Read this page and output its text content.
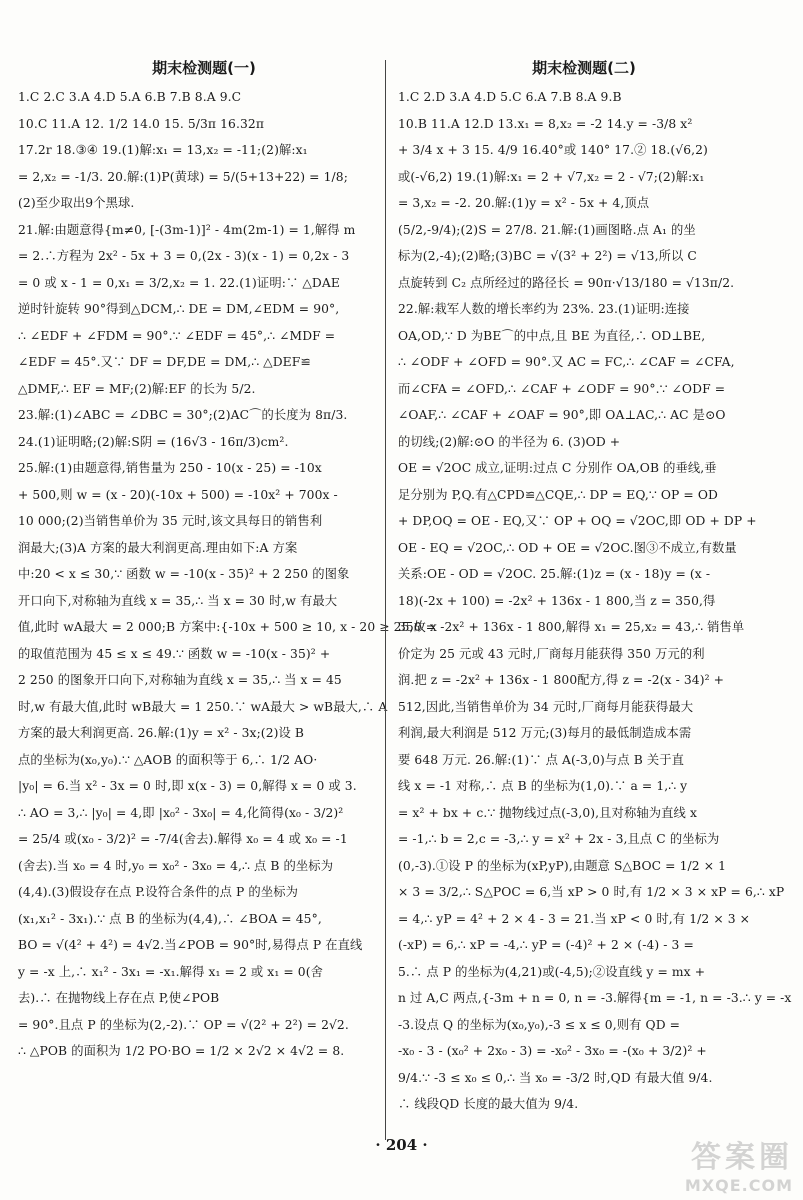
期末检测题(一)
1.C 2.C 3.A 4.D 5.A 6.B 7.B 8.A 9.C
10.C 11.A 12. 1/2 14.0 15. 5/3π 16.32π
17.2r 18.③④ 19.(1)解:x₁ = 13,x₂ = -11;(2)解:x₁
= 2,x₂ = -1/3. 20.解:(1)P(黄球) = 5/(5+13+22) = 1/8;
(2)至少取出9个黑球.
21.解:由题意得{m≠0, [-(3m-1)]² - 4m(2m-1) = 1,解得 m
= 2.∴方程为 2x² - 5x + 3 = 0,(2x - 3)(x - 1) = 0,2x - 3
= 0 或 x - 1 = 0,x₁ = 3/2,x₂ = 1. 22.(1)证明:∵ △DAE
逆时针旋转 90°得到△DCM,∴ DE = DM,∠EDM = 90°,
∴ ∠EDF + ∠FDM = 90°.∵ ∠EDF = 45°,∴ ∠MDF =
∠EDF = 45°.又∵ DF = DF,DE = DM,∴ △DEF≌
△DMF,∴ EF = MF;(2)解:EF 的长为 5/2.
23.解:(1)∠ABC = ∠DBC = 30°;(2)AC⌒的长度为 8π/3.
24.(1)证明略;(2)解:S阴 = (16√3 - 16π/3)cm².
25.解:(1)由题意得,销售量为 250 - 10(x - 25) = -10x
+ 500,则 w = (x - 20)(-10x + 500) = -10x² + 700x -
10 000;(2)当销售单价为 35 元时,该文具每日的销售利
润最大;(3)A 方案的最大利润更高.理由如下:A 方案
中:20 < x ≤ 30,∵ 函数 w = -10(x - 35)² + 2 250 的图象
开口向下,对称轴为直线 x = 35,∴ 当 x = 30 时,w 有最大
值,此时 wA最大 = 2 000;B 方案中:{-10x + 500 ≥ 10, x - 20 ≥ 25,故 x
的取值范围为 45 ≤ x ≤ 49.∵ 函数 w = -10(x - 35)² +
2 250 的图象开口向下,对称轴为直线 x = 35,∴ 当 x = 45
时,w 有最大值,此时 wB最大 = 1 250.∵ wA最大 > wB最大,∴ A
方案的最大利润更高. 26.解:(1)y = x² - 3x;(2)设 B
点的坐标为(x₀,y₀).∵ △AOB 的面积等于 6,∴ 1/2 AO·
|y₀| = 6.当 x² - 3x = 0 时,即 x(x - 3) = 0,解得 x = 0 或 3.
∴ AO = 3,∴ |y₀| = 4,即 |x₀² - 3x₀| = 4,化简得(x₀ - 3/2)²
= 25/4 或(x₀ - 3/2)² = -7/4(舍去).解得 x₀ = 4 或 x₀ = -1
(舍去).当 x₀ = 4 时,y₀ = x₀² - 3x₀ = 4,∴ 点 B 的坐标为
(4,4).(3)假设存在点 P.设符合条件的点 P 的坐标为
(x₁,x₁² - 3x₁).∵ 点 B 的坐标为(4,4),∴ ∠BOA = 45°,
BO = √(4² + 4²) = 4√2.当∠POB = 90°时,易得点 P 在直线
y = -x 上,∴ x₁² - 3x₁ = -x₁.解得 x₁ = 2 或 x₁ = 0(舍
去).∴ 在抛物线上存在点 P,使∠POB
= 90°.且点 P 的坐标为(2,-2).∵ OP = √(2² + 2²) = 2√2.
∴ △POB 的面积为 1/2 PO·BO = 1/2 × 2√2 × 4√2 = 8.
期末检测题(二)
1.C 2.D 3.A 4.D 5.C 6.A 7.B 8.A 9.B
10.B 11.A 12.D 13.x₁ = 8,x₂ = -2 14.y = -3/8 x²
+ 3/4 x + 3 15. 4/9 16.40°或 140° 17.② 18.(√6,2)
或(-√6,2) 19.(1)解:x₁ = 2 + √7,x₂ = 2 - √7;(2)解:x₁
= 3,x₂ = -2. 20.解:(1)y = x² - 5x + 4,顶点
(5/2,-9/4);(2)S = 27/8. 21.解:(1)画图略.点 A₁ 的坐
标为(2,-4);(2)略;(3)BC = √(3² + 2²) = √13,所以 C
点旋转到 C₂ 点所经过的路径长 = 90π·√13/180 = √13π/2.
22.解:栽军人数的增长率约为 23%. 23.(1)证明:连接
OA,OD,∵ D 为BE⌒的中点,且 BE 为直径,∴ OD⊥BE,
∴ ∠ODF + ∠OFD = 90°.又 AC = FC,∴ ∠CAF = ∠CFA,
而∠CFA = ∠OFD,∴ ∠CAF + ∠ODF = 90°.∵ ∠ODF =
∠OAF,∴ ∠CAF + ∠OAF = 90°,即 OA⊥AC,∴ AC 是⊙O
的切线;(2)解:⊙O 的半径为 6. (3)OD +
OE = √2OC 成立,证明:过点 C 分别作 OA,OB 的垂线,垂
足分别为 P,Q.有△CPD≌△CQE,∴ DP = EQ,∵ OP = OD
+ DP,OQ = OE - EQ,又∵ OP + OQ = √2OC,即 OD + DP +
OE - EQ = √2OC,∴ OD + OE = √2OC.图③不成立,有数量
关系:OE - OD = √2OC. 25.解:(1)z = (x - 18)y = (x -
18)(-2x + 100) = -2x² + 136x - 1 800,当 z = 350,得
350 = -2x² + 136x - 1 800,解得 x₁ = 25,x₂ = 43,∴ 销售单
价定为 25 元或 43 元时,厂商每月能获得 350 万元的利
润.把 z = -2x² + 136x - 1 800配方,得 z = -2(x - 34)² +
512,因此,当销售单价为 34 元时,厂商每月能获得最大
利润,最大利润是 512 万元;(3)每月的最低制造成本需
要 648 万元. 26.解:(1)∵ 点 A(-3,0)与点 B 关于直
线 x = -1 对称,∴ 点 B 的坐标为(1,0).∵ a = 1,∴ y
= x² + bx + c.∵ 抛物线过点(-3,0),且对称轴为直线 x
= -1,∴ b = 2,c = -3,∴ y = x² + 2x - 3,且点 C 的坐标为
(0,-3).①设 P 的坐标为(xP,yP),由题意 S△BOC = 1/2 × 1
× 3 = 3/2,∴ S△POC = 6,当 xP > 0 时,有 1/2 × 3 × xP = 6,∴ xP
= 4,∴ yP = 4² + 2 × 4 - 3 = 21.当 xP < 0 时,有 1/2 × 3 ×
(-xP) = 6,∴ xP = -4,∴ yP = (-4)² + 2 × (-4) - 3 =
5.∴ 点 P 的坐标为(4,21)或(-4,5);②设直线 y = mx +
n 过 A,C 两点,{-3m + n = 0, n = -3.解得{m = -1, n = -3.∴ y = -x
-3.设点 Q 的坐标为(x₀,y₀),-3 ≤ x ≤ 0,则有 QD =
-x₀ - 3 - (x₀² + 2x₀ - 3) = -x₀² - 3x₀ = -(x₀ + 3/2)² +
9/4.∵ -3 ≤ x₀ ≤ 0,∴ 当 x₀ = -3/2 时,QD 有最大值 9/4.
∴ 线段QD 长度的最大值为 9/4.
· 204 ·	答案圈
MXQE.COM
